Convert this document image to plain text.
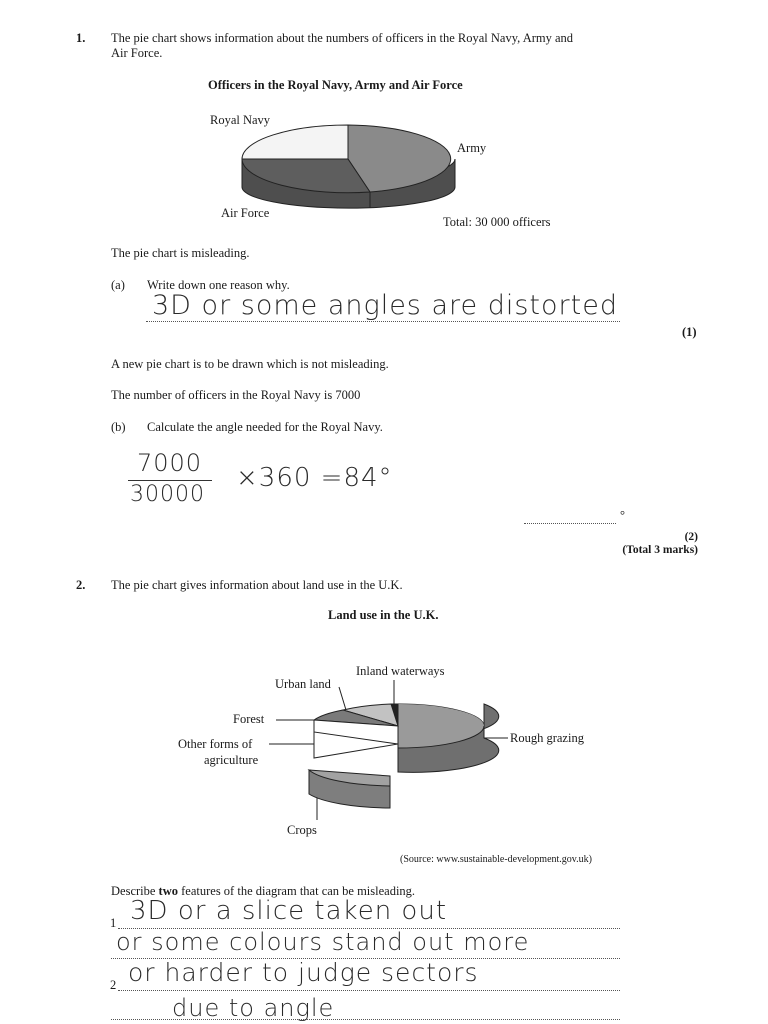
1. The pie chart shows information about the numbers of officers in the Royal Navy, Army and
Air Force.
Officers in the Royal Navy, Army and Air Force
Royal Navy
Army
Air Force
Total: 30 000 officers
The pie chart is misleading.
(a) Write down one reason why.
3D or some angles are distorted
(1)
A new pie chart is to be drawn which is not misleading.
The number of officers in the Royal Navy is 7000
(b) Calculate the angle needed for the Royal Navy.
7000
30000
×360 =84°
°
(2)
(Total 3 marks)
2. The pie chart gives information about land use in the U.K.
Land use in the U.K.
Inland waterways
Urban land
Forest
Other forms of
agriculture
Rough grazing
Crops
(Source: www.sustainable-development.gov.uk)
Describe two features of the diagram that can be misleading.
1
2
3D or a slice taken out
or some colours stand out more
or harder to judge sectors
due to angle
